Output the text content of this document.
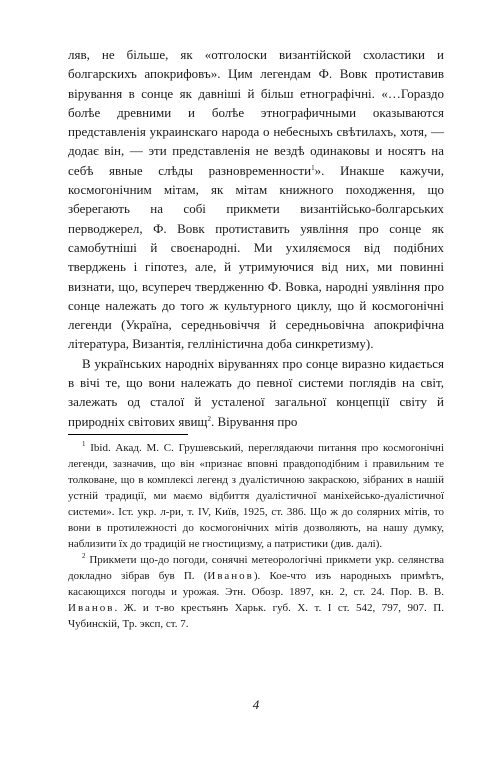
ляв, не більше, як «отголоски византійской схоластики и болгарскихъ апокрифовъ». Цим легендам Ф. Вовк протиставив вірування в сонце як давніші й більш етнографічні. «…Гораздо болѣе древними и болѣе этнографичными оказываются представленія украинскаго народа о небесныхъ свѣтилахъ, хотя, — додає він, — эти представленія не вездѣ одинаковы и носятъ на себѣ явные слѣды разновременности$^1$». Инакше кажучи, космогонічним мітам, як мітам книжного походження, що зберегають на собі прикмети византійсько-болгарських перводжерел, Ф. Вовк протиставить уявління про сонце як самобутніші й своєнародні. Ми ухиляємося від подібних тверджень і гіпотез, але, й утримуючися від них, ми повинні визнати, що, всупереч твердженню Ф. Вовка, народні уявління про сонце належать до того ж культурного циклу, що й космогонічні легенди (Україна, середньовіччя й середньовічна апокрифічна література, Византія, гелліністична доба синкретизму).

В українських народніх віруваннях про сонце виразно кидається в вічі те, що вони належать до певної системи поглядів на світ, залежать од сталої й усталеної загальної концепції світу й природніх світових явищ$^2$. Вірування про

$^1$ Ibid. Акад. М. С. Грушевський, переглядаючи питання про космогонічні легенди, зазначив, що він «признає вповні правдоподібним і правильним те толковане, що в комплексі легенд з дуалістичною закраскою, зібраних в нашій устній традиції, ми маємо відбиття дуалістичної маніхейсько-дуалістичної системи». Іст. укр. л-ри, т. IV, Київ, 1925, ст. 386. Що ж до солярних мітів, то вони в протилежності до космогонічних мітів дозволяють, на нашу думку, наблизити їх до традицій не гностицизму, а патристики (див. далі).

$^2$ Прикмети що-до погоди, сонячні метеорологічні прикмети укр. селянства докладно зібрав був П. (Иванов). Кое-что изъ народныхъ примѣтъ, касающихся погоды и урожая. Этн. Обозр. 1897, кн. 2, ст. 24. Пор. В. В. Иванов. Ж. и т-во крестьянъ Харьк. губ. Х. т. І ст. 542, 797, 907. П. Чубинскій, Тр. эксп, ст. 7.

4
